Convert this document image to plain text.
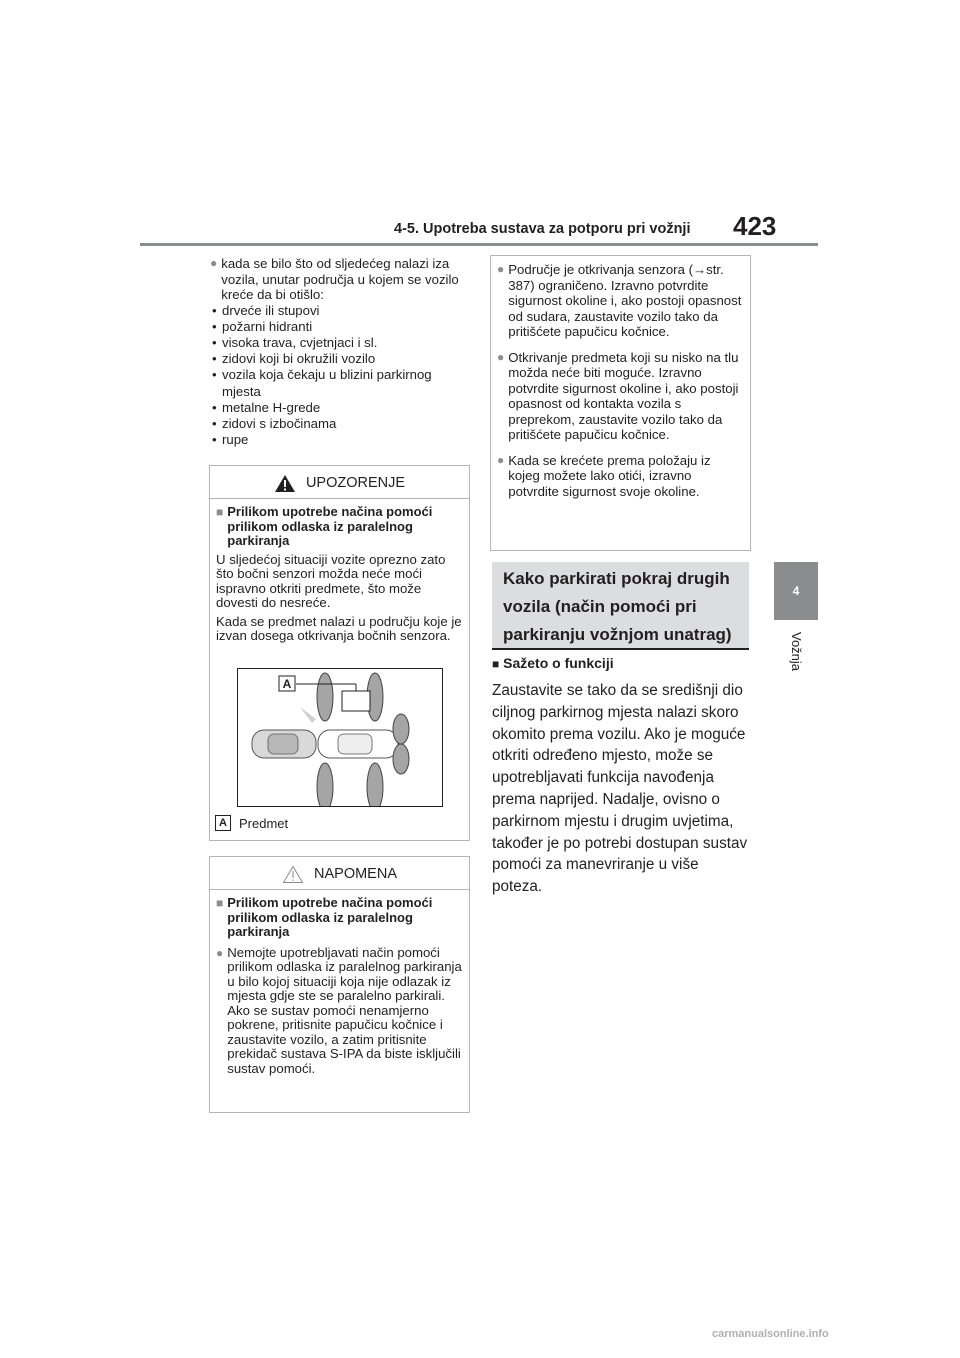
4-5. Upotreba sustava za potporu pri vožnji 423
4
Vožnja
● kada se bilo što od sljedećeg nalazi iza vozila, unutar područja u kojem se vozilo kreće da bi otišlo:
• drveće ili stupovi
• požarni hidranti
• visoka trava, cvjetnjaci i sl.
• zidovi koji bi okružili vozilo
• vozila koja čekaju u blizini parkirnog mjesta
• metalne H-grede
• zidovi s izbočinama
• rupe
UPOZORENJE
■ Prilikom upotrebe načina pomoći prilikom odlaska iz paralelnog parkiranja
U sljedećoj situaciji vozite oprezno zato što bočni senzori možda neće moći ispravno otkriti predmete, što može dovesti do nesreće.
Kada se predmet nalazi u području koje je izvan dosega otkrivanja bočnih senzora.
A
A Predmet
NAPOMENA
■ Prilikom upotrebe načina pomoći prilikom odlaska iz paralelnog parkiranja
● Nemojte upotrebljavati način pomoći prilikom odlaska iz paralelnog parkiranja u bilo kojoj situaciji koja nije odlazak iz mjesta gdje ste se paralelno parkirali. Ako se sustav pomoći nenamjerno pokrene, pritisnite papučicu kočnice i zaustavite vozilo, a zatim pritisnite prekidač sustava S-IPA da biste isključili sustav pomoći.
● Područje je otkrivanja senzora (→str. 387) ograničeno. Izravno potvrdite sigurnost okoline i, ako postoji opasnost od sudara, zaustavite vozilo tako da pritišćete papučicu kočnice.
● Otkrivanje predmeta koji su nisko na tlu možda neće biti moguće. Izravno potvrdite sigurnost okoline i, ako postoji opasnost od kontakta vozila s preprekom, zaustavite vozilo tako da pritišćete papučicu kočnice.
● Kada se krećete prema položaju iz kojeg možete lako otići, izravno potvrdite sigurnost svoje okoline.
Kako parkirati pokraj drugih
vozila (način pomoći pri
parkiranju vožnjom unatrag)
■ Sažeto o funkciji
Zaustavite se tako da se središnji dio ciljnog parkirnog mjesta nalazi skoro okomito prema vozilu. Ako je moguće otkriti određeno mjesto, može se upotrebljavati funkcija navođenja prema naprijed. Nadalje, ovisno o parkirnom mjestu i drugim uvjetima, također je po potrebi dostupan sustav pomoći za manevriranje u više poteza.
carmanualsonline.info
